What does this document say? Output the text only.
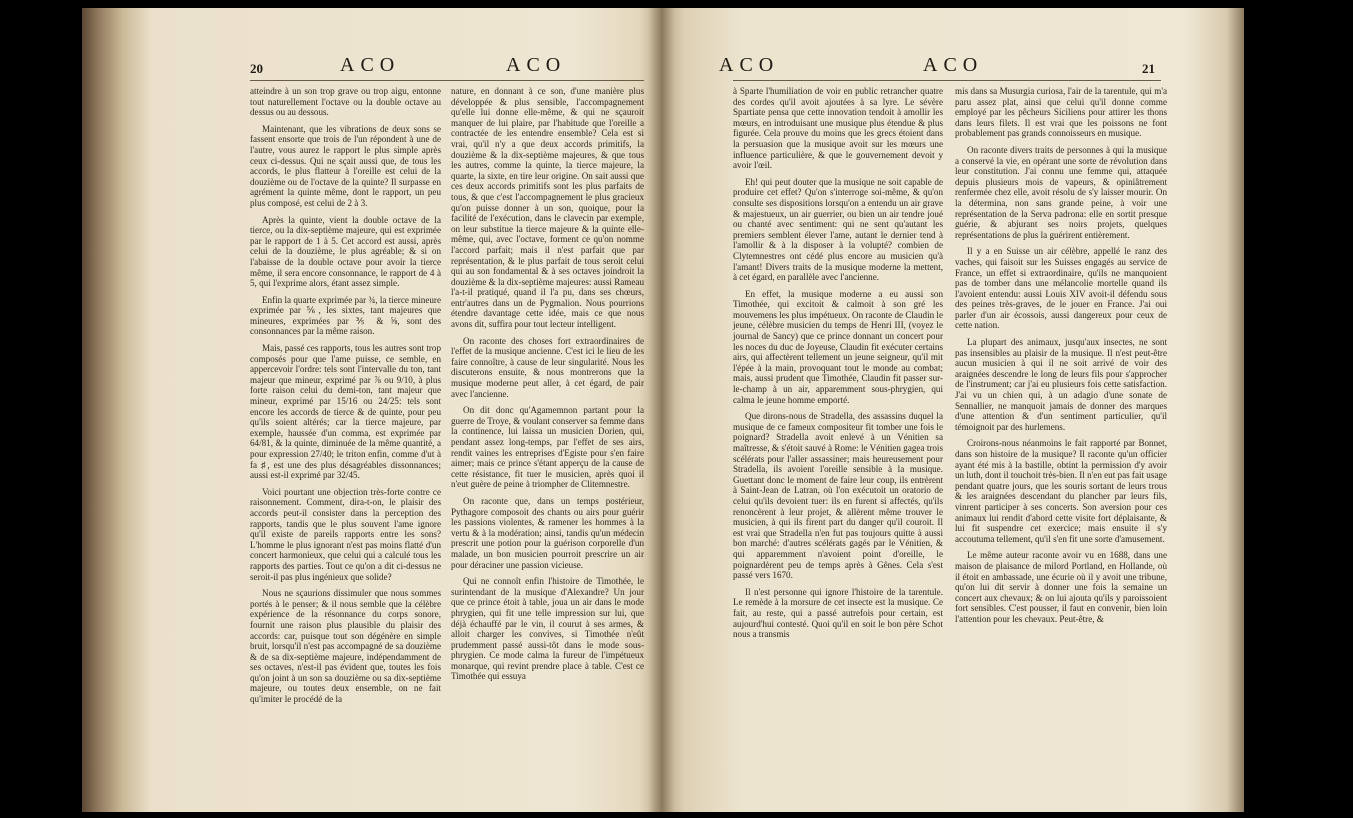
20	ACO	ACO

atteindre à un son trop grave ou trop aigu, entonne tout naturellement l'octave ou la double octave au dessus ou au dessous.

Maintenant, que les vibrations de deux sons se fassent ensorte que trois de l'un répondent à une de l'autre, vous aurez le rapport le plus simple après ceux ci-dessus. Qui ne sçait aussi que, de tous les accords, le plus flatteur à l'oreille est celui de la douzième ou de l'octave de la quinte? Il surpasse en agrément la quinte même, dont le rapport, un peu plus composé, est celui de 2 à 3.

Après la quinte, vient la double octave de la tierce, ou la dix-septième majeure, qui est exprimée par le rapport de 1 à 5. Cet accord est aussi, après celui de la douzième, le plus agréable; & si on l'abaisse de la double octave pour avoir la tierce même, il sera encore consonnance, le rapport de 4 à 5, qui l'exprime alors, étant assez simple.

Enfin la quarte exprimée par ¾, la tierce mineure exprimée par ⅚, les sixtes, tant majeures que mineures, exprimées par ⅗ & ⅝, sont des consonnances par la même raison.

Mais, passé ces rapports, tous les autres sont trop composés pour que l'ame puisse, ce semble, en appercevoir l'ordre: tels sont l'intervalle du ton, tant majeur que mineur, exprimé par ⅞ ou 9/10, à plus forte raison celui du demi-ton, tant majeur que mineur, exprimé par 15/16 ou 24/25: tels sont encore les accords de tierce & de quinte, pour peu qu'ils soient altérés; car la tierce majeure, par exemple, haussée d'un comma, est exprimée par 64/81, & la quinte, diminuée de la même quantité, a pour expression 27/40; le triton enfin, comme d'ut à fa ♯, est une des plus désagréables dissonnances; aussi est-il exprimé par 32/45.

Voici pourtant une objection très-forte contre ce raisonnement. Comment, dira-t-on, le plaisir des accords peut-il consister dans la perception des rapports, tandis que le plus souvent l'ame ignore qu'il existe de pareils rapports entre les sons? L'homme le plus ignorant n'est pas moins flatté d'un concert harmonieux, que celui qui a calculé tous les rapports des parties. Tout ce qu'on a dit ci-dessus ne seroit-il pas plus ingénieux que solide?

Nous ne sçaurions dissimuler que nous sommes portés à le penser; & il nous semble que la célèbre expérience de la résonnance du corps sonore, fournit une raison plus plausible du plaisir des accords: car, puisque tout son dégénère en simple bruit, lorsqu'il n'est pas accompagné de sa douzième & de sa dix-septième majeure, indépendamment de ses octaves, n'est-il pas évident que, toutes les fois qu'on joint à un son sa douzième ou sa dix-septième majeure, ou toutes deux ensemble, on ne fait qu'imiter le procédé de la

nature, en donnant à ce son, d'une manière plus développée & plus sensible, l'accompagnement qu'elle lui donne elle-même, & qui ne sçauroit manquer de lui plaire, par l'habitude que l'oreille a contractée de les entendre ensemble? Cela est si vrai, qu'il n'y a que deux accords primitifs, la douzième & la dix-septième majeures, & que tous les autres, comme la quinte, la tierce majeure, la quarte, la sixte, en tire leur origine. On sait aussi que ces deux accords primitifs sont les plus parfaits de tous, & que c'est l'accompagnement le plus gracieux qu'on puisse donner à un son, quoique, pour la facilité de l'exécution, dans le clavecin par exemple, on leur substitue la tierce majeure & la quinte elle-même, qui, avec l'octave, forment ce qu'on nomme l'accord parfait; mais il n'est parfait que par représentation, & le plus parfait de tous seroit celui qui au son fondamental & à ses octaves joindroit la douzième & la dix-septième majeures: aussi Rameau l'a-t-il pratiqué, quand il l'a pu, dans ses chœurs, entr'autres dans un de Pygmalion. Nous pourrions étendre davantage cette idée, mais ce que nous avons dit, suffira pour tout lecteur intelligent.

On raconte des choses fort extraordinaires de l'effet de la musique ancienne. C'est ici le lieu de les faire connoître, à cause de leur singularité. Nous les discuterons ensuite, & nous montrerons que la musique moderne peut aller, à cet égard, de pair avec l'ancienne.

On dit donc qu'Agamemnon partant pour la guerre de Troye, & voulant conserver sa femme dans la continence, lui laissa un musicien Dorien, qui, pendant assez long-temps, par l'effet de ses airs, rendit vaines les entreprises d'Egiste pour s'en faire aimer; mais ce prince s'étant apperçu de la cause de cette résistance, fit tuer le musicien, après quoi il n'eut guère de peine à triompher de Clitemnestre.

On raconte que, dans un temps postérieur, Pythagore composoit des chants ou airs pour guérir les passions violentes, & ramener les hommes à la vertu & à la modération; ainsi, tandis qu'un médecin prescrit une potion pour la guérison corporelle d'un malade, un bon musicien pourroit prescrire un air pour déraciner une passion vicieuse.

Qui ne connoît enfin l'histoire de Timothée, le surintendant de la musique d'Alexandre? Un jour que ce prince étoit à table, joua un air dans le mode phrygien, qui fit une telle impression sur lui, que déjà échauffé par le vin, il courut à ses armes, & alloit charger les convives, si Timothée n'eût prudemment passé aussi-tôt dans le mode sous-phrygien. Ce mode calma la fureur de l'impétueux monarque, qui revint prendre place à table. C'est ce Timothée qui essuya

ACO	ACO	21

à Sparte l'humiliation de voir en public retrancher quatre des cordes qu'il avoit ajoutées à sa lyre. Le sévère Spartiate pensa que cette innovation tendoit à amollir les mœurs, en introduisant une musique plus étendue & plus figurée. Cela prouve du moins que les grecs étoient dans la persuasion que la musique avoit sur les mœurs une influence particulière, & que le gouvernement devoit y avoir l'œil.

Eh! qui peut douter que la musique ne soit capable de produire cet effet? Qu'on s'interroge soi-même, & qu'on consulte ses dispositions lorsqu'on a entendu un air grave & majestueux, un air guerrier, ou bien un air tendre joué ou chanté avec sentiment: qui ne sent qu'autant les premiers semblent élever l'ame, autant le dernier tend à l'amollir & à la disposer à la volupté? combien de Clytemnestres ont cédé plus encore au musicien qu'à l'amant! Divers traits de la musique moderne la mettent, à cet égard, en parallèle avec l'ancienne.

En effet, la musique moderne a eu aussi son Timothée, qui excitoit & calmoit à son gré les mouvemens les plus impétueux. On raconte de Claudin le jeune, célèbre musicien du temps de Henri III, (voyez le journal de Sancy) que ce prince donnant un concert pour les noces du duc de Joyeuse, Claudin fit exécuter certains airs, qui affectèrent tellement un jeune seigneur, qu'il mit l'épée à la main, provoquant tout le monde au combat; mais, aussi prudent que Timothée, Claudin fit passer sur-le-champ à un air, apparemment sous-phrygien, qui calma le jeune homme emporté.

Que dirons-nous de Stradella, des assassins duquel la musique de ce fameux compositeur fit tomber une fois le poignard? Stradella avoit enlevé à un Vénitien sa maîtresse, & s'étoit sauvé à Rome: le Vénitien gagea trois scélérats pour l'aller assassiner; mais heureusement pour Stradella, ils avoient l'oreille sensible à la musique. Guettant donc le moment de faire leur coup, ils entrèrent à Saint-Jean de Latran, où l'on exécutoit un oratorio de celui qu'ils devoient tuer: ils en furent si affectés, qu'ils renoncèrent à leur projet, & allèrent même trouver le musicien, à qui ils firent part du danger qu'il couroit. Il est vrai que Stradella n'en fut pas toujours quitte à aussi bon marché: d'autres scélérats gagés par le Vénitien, & qui apparemment n'avoient point d'oreille, le poignardèrent peu de temps après à Gênes. Cela s'est passé vers 1670.

Il n'est personne qui ignore l'histoire de la tarentule. Le remède à la morsure de cet insecte est la musique. Ce fait, au reste, qui a passé autrefois pour certain, est aujourd'hui contesté. Quoi qu'il en soit le bon père Schot nous a transmis

mis dans sa Musurgia curiosa, l'air de la tarentule, qui m'a paru assez plat, ainsi que celui qu'il donne comme employé par les pêcheurs Siciliens pour attirer les thons dans leurs filets. Il est vrai que les poissons ne font probablement pas grands connoisseurs en musique.

On raconte divers traits de personnes à qui la musique a conservé la vie, en opérant une sorte de révolution dans leur constitution. J'ai connu une femme qui, attaquée depuis plusieurs mois de vapeurs, & opiniâtrement renfermée chez elle, avoit résolu de s'y laisser mourir. On la détermina, non sans grande peine, à voir une représentation de la Serva padrona: elle en sortit presque guérie, & abjurant ses noirs projets, quelques représentations de plus la guérirent entièrement.

Il y a en Suisse un air célèbre, appellé le ranz des vaches, qui faisoit sur les Suisses engagés au service de France, un effet si extraordinaire, qu'ils ne manquoient pas de tomber dans une mélancolie mortelle quand ils l'avoient entendu: aussi Louis XIV avoit-il défendu sous des peines très-graves, de le jouer en France. J'ai oui parler d'un air écossois, aussi dangereux pour ceux de cette nation.

La plupart des animaux, jusqu'aux insectes, ne sont pas insensibles au plaisir de la musique. Il n'est peut-être aucun musicien à qui il ne soit arrivé de voir des araignées descendre le long de leurs fils pour s'approcher de l'instrument; car j'ai eu plusieurs fois cette satisfaction. J'ai vu un chien qui, à un adagio d'une sonate de Sennallier, ne manquoit jamais de donner des marques d'une attention & d'un sentiment particulier, qu'il témoignoit par des hurlemens.

Croirons-nous néanmoins le fait rapporté par Bonnet, dans son histoire de la musique? Il raconte qu'un officier ayant été mis à la bastille, obtint la permission d'y avoir un luth, dont il touchoit très-bien. Il n'en eut pas fait usage pendant quatre jours, que les souris sortant de leurs trous & les araignées descendant du plancher par leurs fils, vinrent participer à ses concerts. Son aversion pour ces animaux lui rendit d'abord cette visite fort déplaisante, & lui fit suspendre cet exercice; mais ensuite il s'y accoutuma tellement, qu'il s'en fit une sorte d'amusement.

Le même auteur raconte avoir vu en 1688, dans une maison de plaisance de milord Portland, en Hollande, où il étoit en ambassade, une écurie où il y avoit une tribune, qu'on lui dit servir à donner une fois la semaine un concert aux chevaux; & on lui ajouta qu'ils y paroissoient fort sensibles. C'est pousser, il faut en convenir, bien loin l'attention pour les chevaux. Peut-être, &
